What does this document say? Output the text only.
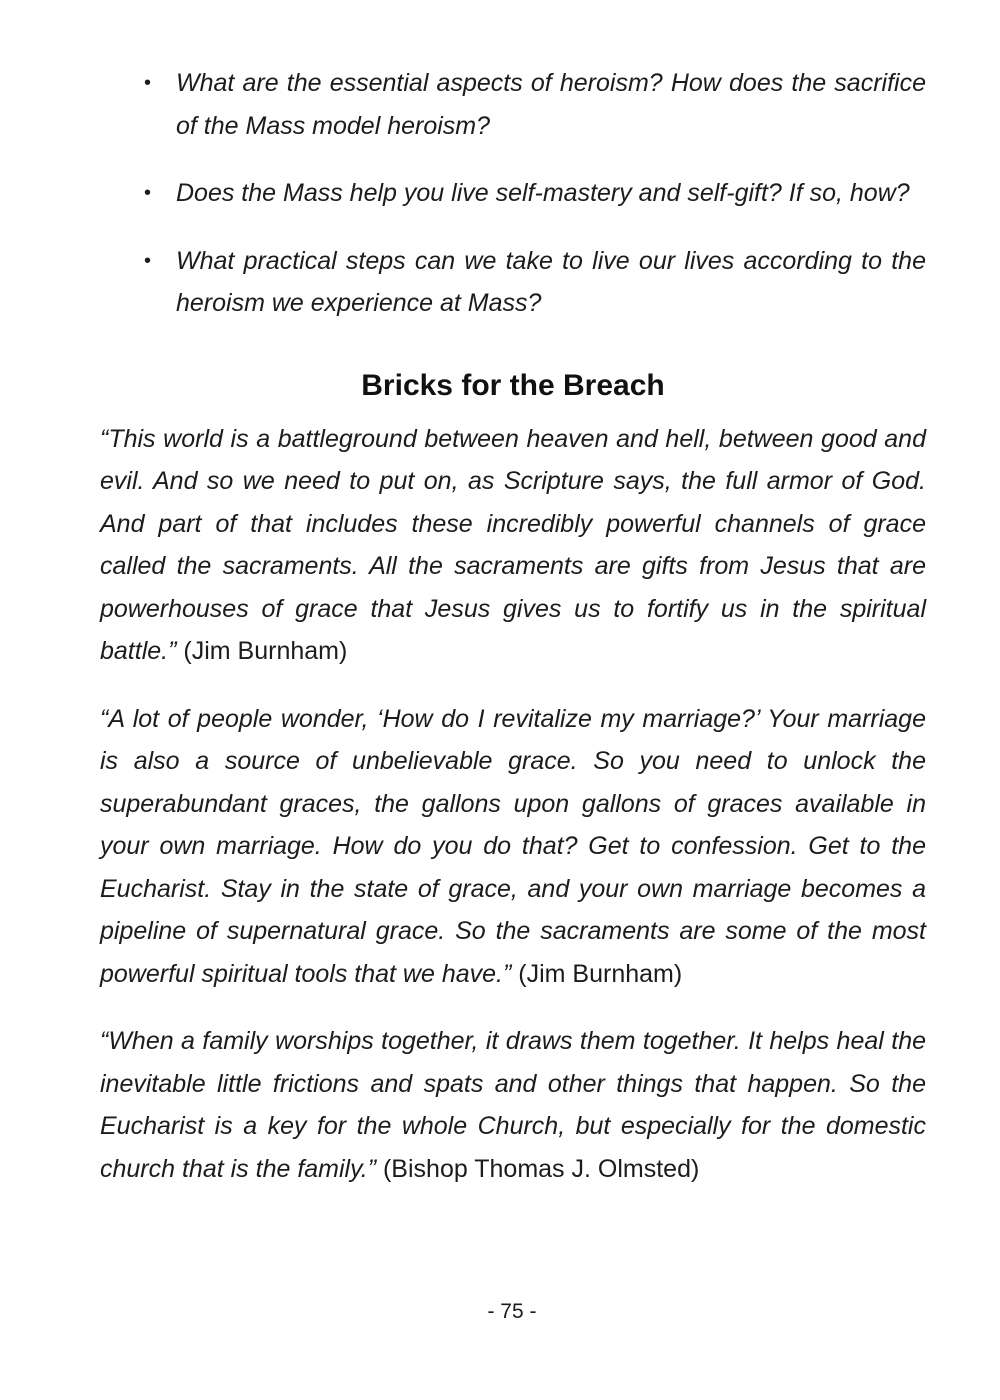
• What are the essential aspects of heroism? How does the sacrifice of the Mass model heroism?
• Does the Mass help you live self-mastery and self-gift? If so, how?
• What practical steps can we take to live our lives according to the heroism we experience at Mass?
Bricks for the Breach

“This world is a battleground between heaven and hell, between good and evil. And so we need to put on, as Scripture says, the full armor of God. And part of that includes these incredibly powerful channels of grace called the sacraments. All the sacraments are gifts from Jesus that are powerhouses of grace that Jesus gives us to fortify us in the spiritual battle.” (Jim Burnham)

“A lot of people wonder, ‘How do I revitalize my marriage?’ Your marriage is also a source of unbelievable grace. So you need to unlock the superabundant graces, the gallons upon gallons of graces available in your own marriage. How do you do that? Get to confession. Get to the Eucharist. Stay in the state of grace, and your own marriage becomes a pipeline of supernatural grace. So the sacraments are some of the most powerful spiritual tools that we have.” (Jim Burnham)

“When a family worships together, it draws them together. It helps heal the inevitable little frictions and spats and other things that happen. So the Eucharist is a key for the whole Church, but especially for the domestic church that is the family.” (Bishop Thomas J. Olmsted)

- 75 -
